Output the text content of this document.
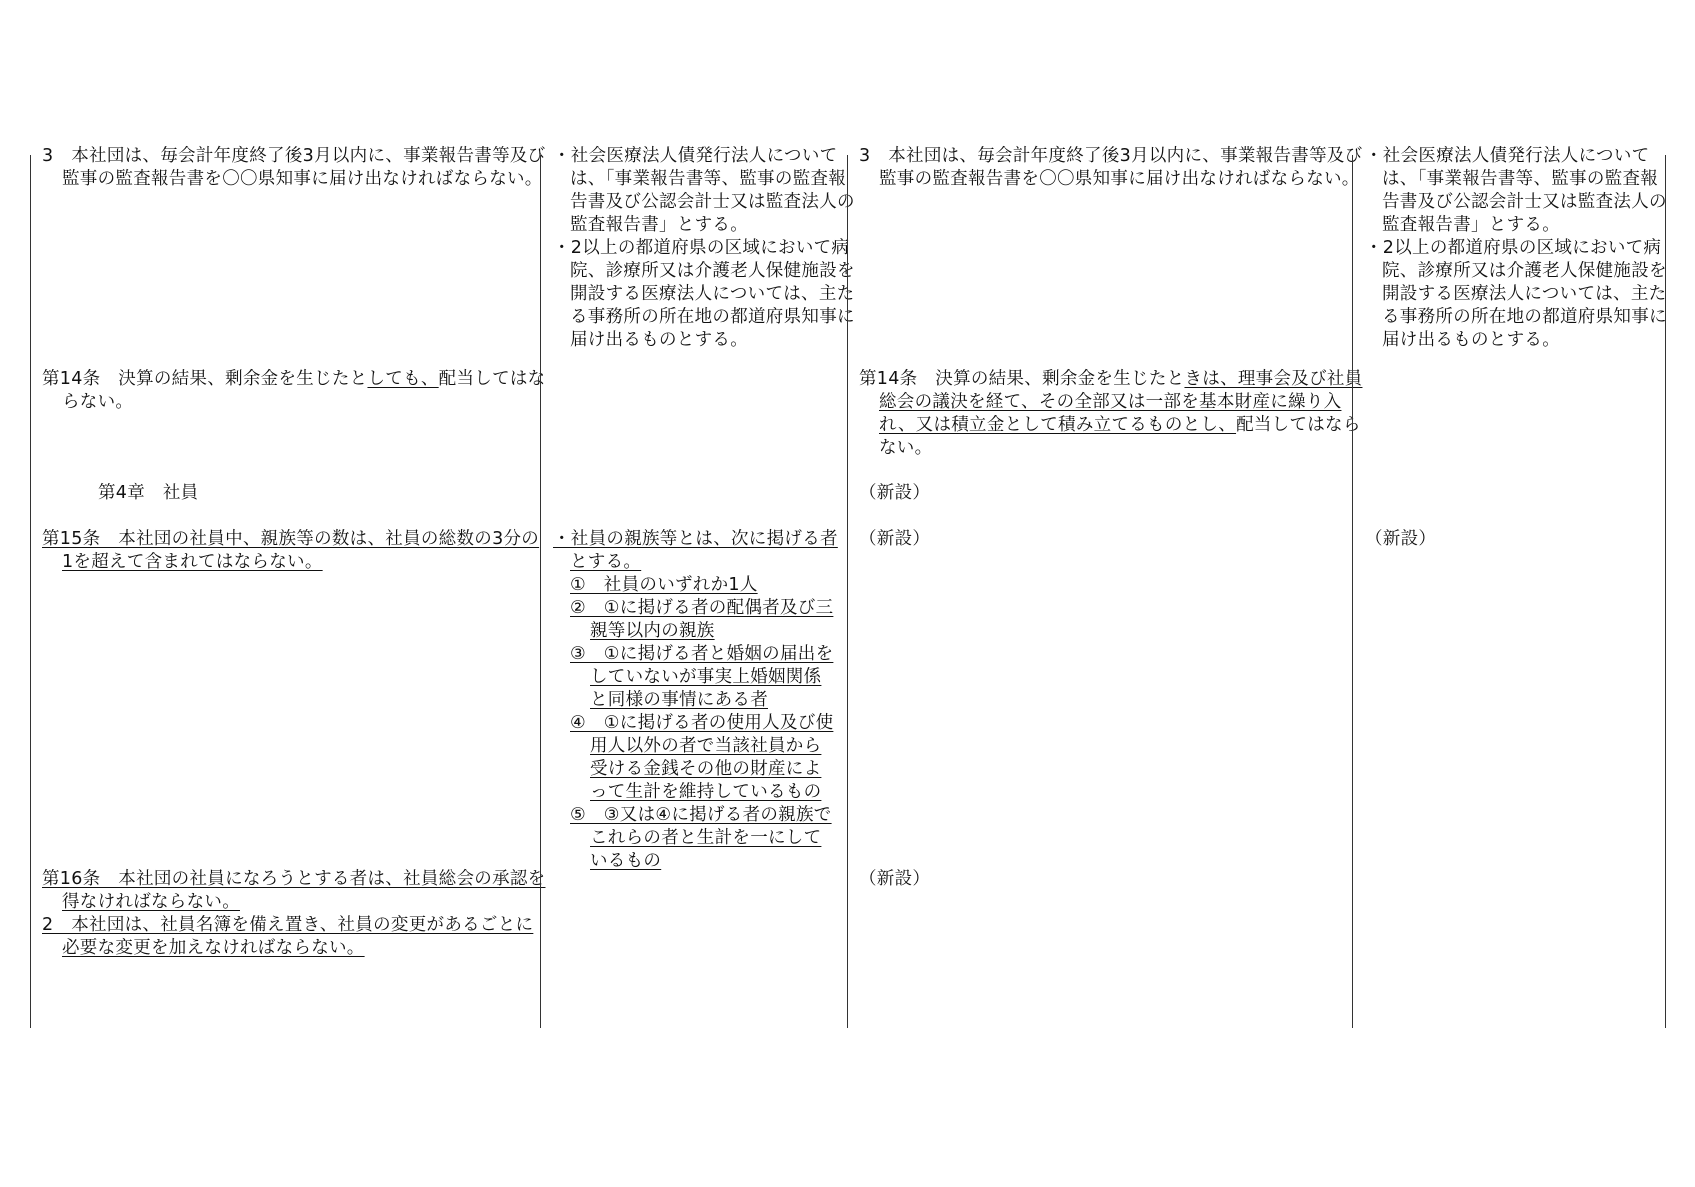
3　本社団は、毎会計年度終了後3月以内に、事業報告書等及び監事の監査報告書を〇〇県知事に届け出なければならない。

第14条　決算の結果、剰余金を生じたとしても、配当してはならない。

第4章　社員

第15条　本社団の社員中、親族等の数は、社員の総数の3分の1を超えて含まれてはならない。

第16条　本社団の社員になろうとする者は、社員総会の承認を得なければならない。

2　本社団は、社員名簿を備え置き、社員の変更があるごとに必要な変更を加えなければならない。

・社会医療法人債発行法人については、「事業報告書等、監事の監査報告書及び公認会計士又は監査法人の監査報告書」とする。

・2以上の都道府県の区域において病院、診療所又は介護老人保健施設を開設する医療法人については、主たる事務所の所在地の都道府県知事に届け出るものとする。

・社員の親族等とは、次に掲げる者とする。

①　社員のいずれか1人

②　①に掲げる者の配偶者及び三親等以内の親族

③　①に掲げる者と婚姻の届出をしていないが事実上婚姻関係と同様の事情にある者

④　①に掲げる者の使用人及び使用人以外の者で当該社員から受ける金銭その他の財産によって生計を維持しているもの

⑤　③又は④に掲げる者の親族でこれらの者と生計を一にしているもの

3　本社団は、毎会計年度終了後3月以内に、事業報告書等及び監事の監査報告書を〇〇県知事に届け出なければならない。

第14条　決算の結果、剰余金を生じたときは、理事会及び社員総会の議決を経て、その全部又は一部を基本財産に繰り入れ、又は積立金として積み立てるものとし、配当してはならない。

（新設）

（新設）

（新設）

・社会医療法人債発行法人については、「事業報告書等、監事の監査報告書及び公認会計士又は監査法人の監査報告書」とする。

・2以上の都道府県の区域において病院、診療所又は介護老人保健施設を開設する医療法人については、主たる事務所の所在地の都道府県知事に届け出るものとする。

（新設）
